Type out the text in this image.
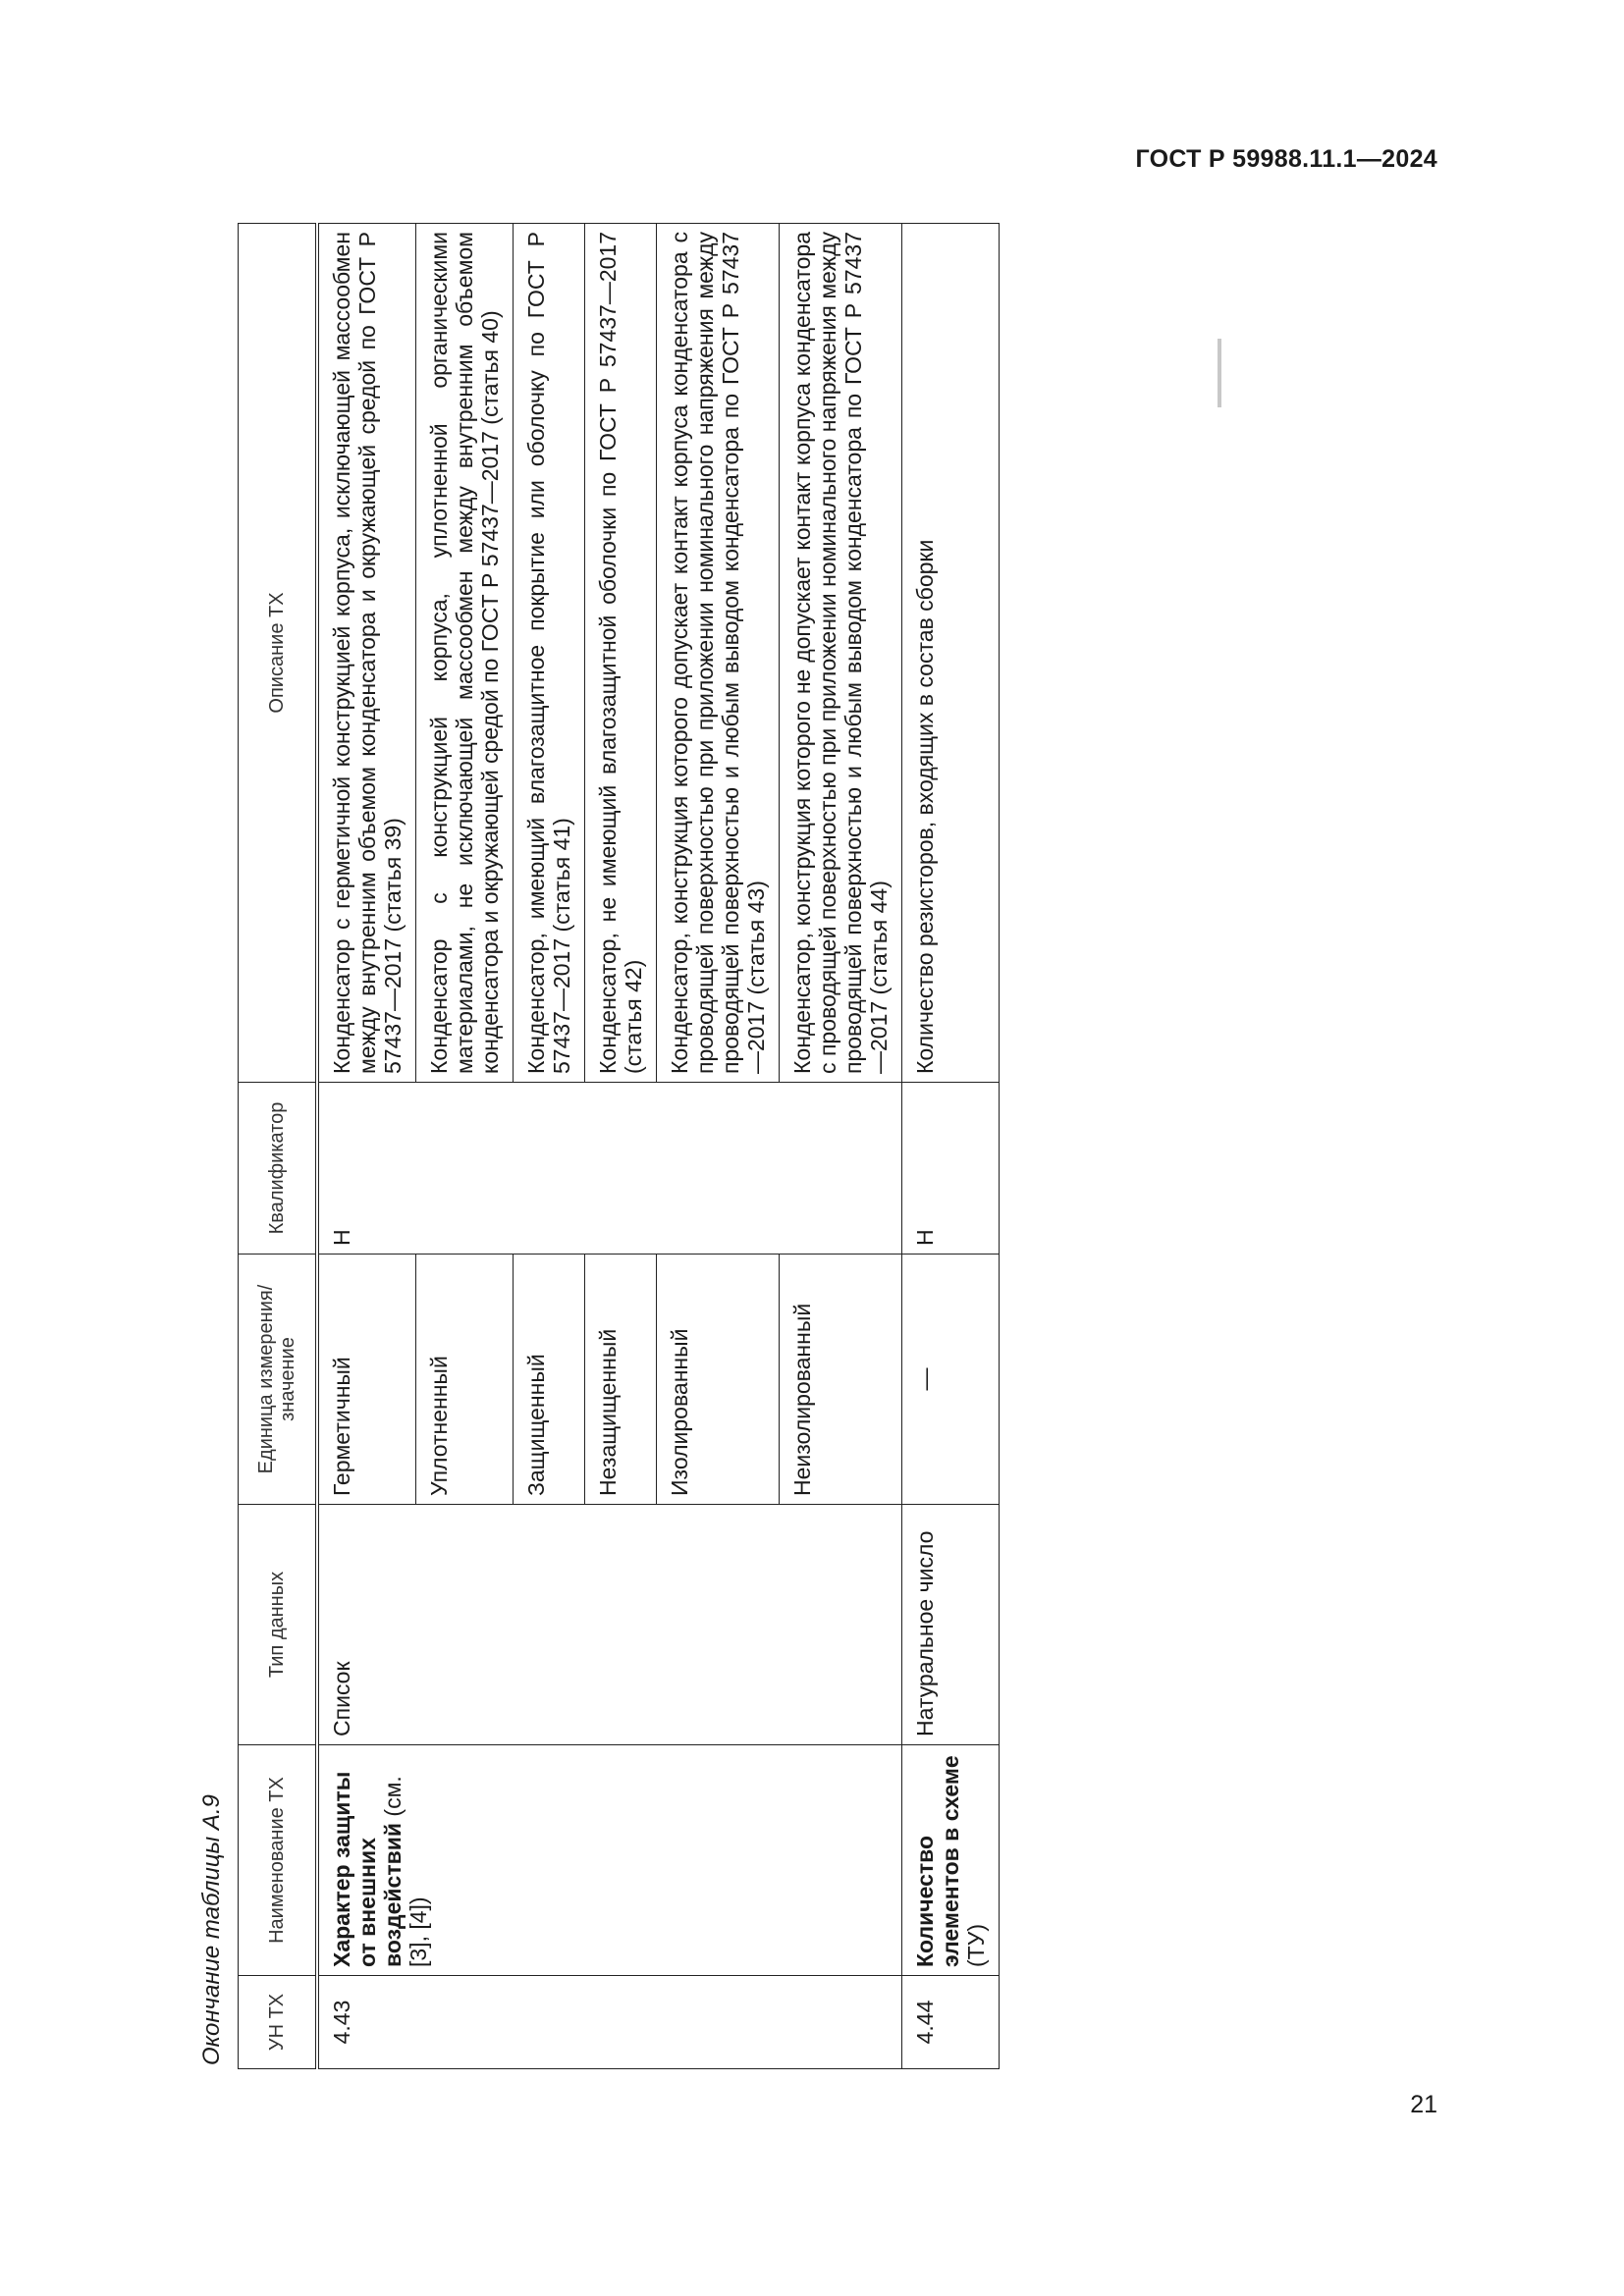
ГОСТ Р 59988.11.1—2024
Окончание таблицы А.9	УН ТХ	Наименование ТХ	Тип данных	Единица измерения/ значение	Квалификатор	Описание ТХ
4.43	Характер защиты от внешних воздействий (см. [3], [4])	Список	Герметичный	Н	Конденсатор с герметичной конструкцией корпуса, исключающей массообмен между внутренним объемом конденсатора и окружающей средой по ГОСТ Р 57437—2017 (статья 39)
			Уплотненный		Конденсатор с конструкцией корпуса, уплотненной органическими материалами, не исключающей массообмен между внутренним объемом конденсатора и окружающей средой по ГОСТ Р 57437—2017 (статья 40)
			Защищенный		Конденсатор, имеющий влагозащитное покрытие или оболочку по ГОСТ Р 57437—2017 (статья 41)
			Незащищенный		Конденсатор, не имеющий влагозащитной оболочки по ГОСТ Р 57437—2017 (статья 42)
			Изолированный		Конденсатор, конструкция которого допускает контакт корпуса конденсатора с проводящей поверхностью при приложении номинального напряжения между проводящей поверхностью и любым выводом конденсатора по ГОСТ Р 57437—2017 (статья 43)
			Неизолированный		Конденсатор, конструкция которого не допускает контакт корпуса конденсатора с проводящей поверхностью при приложении номинального напряжения между проводящей поверхностью и любым выводом конденсатора по ГОСТ Р 57437—2017 (статья 44)
4.44	Количество элементов в схеме (ТУ)	Натуральное число	—	Н	Количество резисторов, входящих в состав сборки
21
